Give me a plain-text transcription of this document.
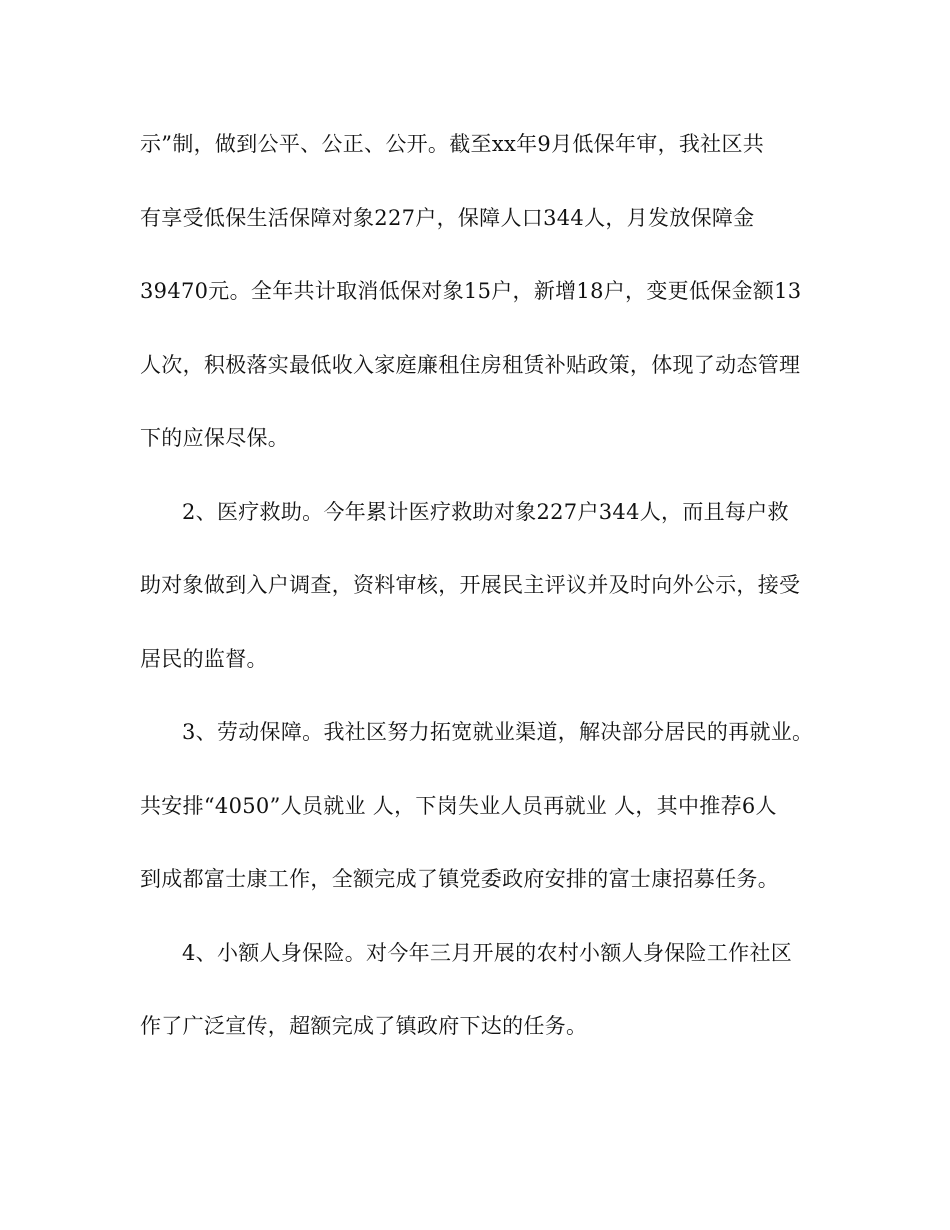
示”制，做到公平、公正、公开。截至xx年9月低保年审，我社区共
有享受低保生活保障对象227户，保障人口344人，月发放保障金
39470元。全年共计取消低保对象15户，新增18户，变更低保金额13
人次，积极落实最低收入家庭廉租住房租赁补贴政策，体现了动态管理
下的应保尽保。
2、医疗救助。今年累计医疗救助对象227户344人，而且每户救
助对象做到入户调查，资料审核，开展民主评议并及时向外公示，接受
居民的监督。
3、劳动保障。我社区努力拓宽就业渠道，解决部分居民的再就业。
共安排“4050”人员就业 人，下岗失业人员再就业 人，其中推荐6人
到成都富士康工作，全额完成了镇党委政府安排的富士康招募任务。
4、小额人身保险。对今年三月开展的农村小额人身保险工作社区
作了广泛宣传，超额完成了镇政府下达的任务。
